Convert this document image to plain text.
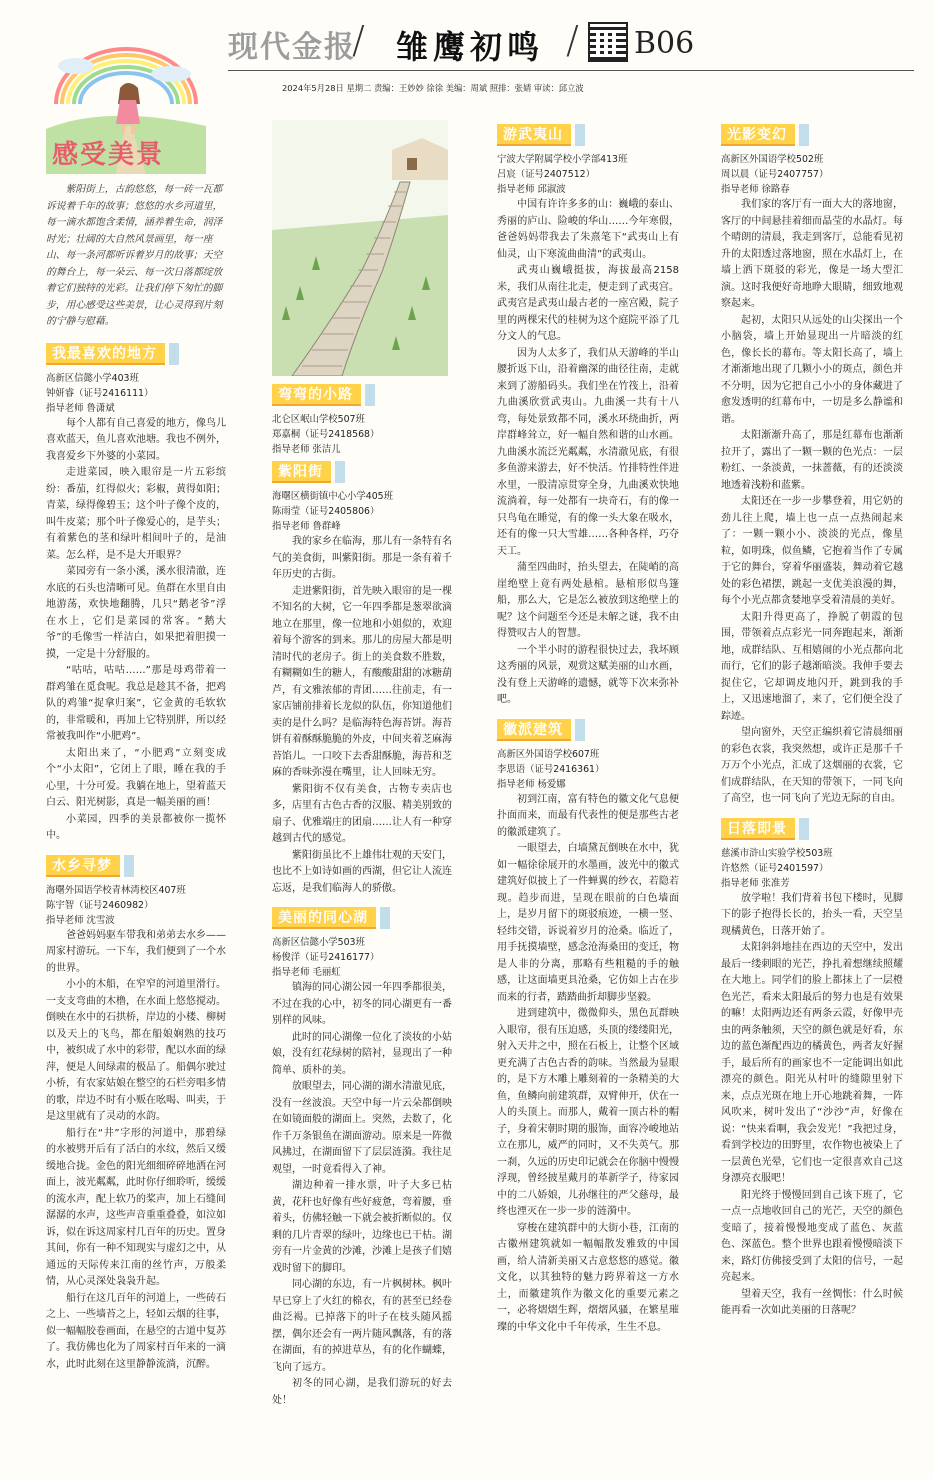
现代金报
/ 雏鹰初鸣 / B06
2024年5月28日 星期二 责编：王妙妙 徐徐 美编：周斌 照排：张婧 审读：邱立波
感受美景

紫阳街上，古韵悠悠，每一砖一瓦都诉说着千年的故事；悠悠的水乡河道里，每一滴水都饱含柔情，涵养着生命，润泽时光；壮阔的大自然风景画里，每一座山、每一条河都听诉着岁月的故事；天空的舞台上，每一朵云、每一次日落都绽放着它们独特的光彩。让我们停下匆忙的脚步，用心感受这些美景，让心灵得到片刻的宁静与慰藉。

我最喜欢的地方
高新区信懿小学403班
钟妍睿（证号2416111）
指导老师 鲁潇斌

每个人都有自己喜爱的地方，像鸟儿喜欢蓝天，鱼儿喜欢池塘。我也不例外，我喜爱乡下外婆的小菜园。

走进菜园，映入眼帘是一片五彩缤纷：番茄，红得似火；彩椒，黄得如阳；青菜，绿得像碧玉；这个叶子像个皮的，叫牛皮菜；那个叶子像爱心的，是芋头；有着紫色的茎和绿叶相间叶子的，是油菜。怎么样，是不是大开眼界？

菜园旁有一条小溪，溪水很清澈，连水底的石头也清晰可见。鱼群在水里自由地游荡，欢快地翻腾，几只“鹅老爷”浮在水上，它们是菜园的常客。“鹅大爷”的毛像雪一样洁白，如果把着胆摸一摸，一定是十分舒服的。

“咕咕，咕咕……”那是母鸡带着一群鸡雏在觅食呢。我总是趁其不备，把鸡队的鸡雏“捉拿归案”，它金黄的毛软软的，非常暖和，再加上它特别胖，所以经常被我叫作“小肥鸡”。

太阳出来了，“小肥鸡”立刻变成个“小太阳”，它闭上了眼，睡在我的手心里，十分可爱。我躺在地上，望着蓝天白云、阳光树影，真是一幅美丽的画！

小菜园，四季的美景都被你一揽怀中。

水乡寻梦
海曙外国语学校青林湾校区407班
陈宇智（证号2460982）
指导老师 沈雪波

爸爸妈妈驱车带我和弟弟去水乡——周家村游玩。一下车，我们便到了一个水的世界。

小小的木船，在窄窄的河道里滑行。一支支弯曲的木橹，在水面上悠悠搅动。倒映在水中的石拱桥，岸边的小楼、柳树以及天上的飞鸟，都在船娘娴熟的技巧中，被织成了水中的彩带，配以水面的绿萍，便是人间绿肃的极品了。船偶尔驶过小桥，有农家姑娘在整空的石栏旁唱多情的歌，岸边不时有小贩在吆喝、叫卖，于是这里就有了灵动的水韵。

船行在“井”字形的河道中，那碧绿的水被劈开后有了活白的水纹，然后又缓缓地合拢。金色的阳光细细碎碎地洒在河面上，波光粼粼，此时你仔细聆听，缓缓的流水声，配上软乃的桨声，加上石缝间潺潺的水声，这些声音重重叠叠，如泣如诉，似在诉这周家村几百年的历史。置身其间，你有一种不知现实与虚幻之中，从通远的天际传来江南的丝竹声，万般柔情，从心灵深处袅袅升起。

船行在这几百年的河道上，一些砖石之上、一些墙苔之上，轻如云烟的往事，似一幅幅胶卷画面，在悬空的古道中复苏了。我仿佛也化为了周家村百年来的一滴水，此时此刻在这里静静流淌，沉醉。

弯弯的小路
北仑区岷山学校507班
郑嘉桐（证号2418568）
指导老师 张洁儿
紫阳街
海曙区横街镇中心小学405班
陈雨莹（证号2405806）
指导老师 鲁群峰

我的家乡在临海，那儿有一条特有名气的美食街，叫紫阳街。那是一条有着千年历史的古街。

走进紫阳街，首先映入眼帘的是一棵不知名的大树，它一年四季都是葱翠欲滴地立在那里，像一位地和小姐似的，欢迎着每个游客的到来。那儿的房屋大都是明清时代的老房子。街上的美食数不胜数，有糊糊如生的糖人，有酸酸甜甜的冰糖葫芦，有文雅浓郁的青团……往前走，有一家店铺前排着长龙似的队伍，你知道他们卖的是什么吗？是临海特色海苔饼。海苔饼有着酥酥脆脆的外皮，中间夹着芝麻海苔馅儿。一口咬下去香甜酥脆，海苔和芝麻的香味弥漫在嘴里，让人回味无穷。

紫阳街不仅有美食，古物专卖店也多，店里有古色古香的汉服、精美别致的扇子、优雅端庄的团扇……让人有一种穿越到古代的感觉。

紫阳街虽比不上雄伟壮观的天安门，也比不上如诗如画的西湖，但它让人流连忘返，是我们临海人的骄傲。

美丽的同心湖
高新区信懿小学503班
杨俊洋（证号2416177）
指导老师 毛丽虹

镇海的同心湖公园一年四季都很美，不过在我的心中，初冬的同心湖更有一番别样的风味。

此时的同心湖像一位化了淡妆的小姑娘，没有红花绿树的陪衬，显现出了一种简单、质朴的美。

放眼望去，同心湖的湖水清澈见底，没有一丝波浪。天空中每一片云朵都倒映在如镜面般的湖面上。突然，去数了，化作千万条银鱼在湖面游动。原来是一阵微风拂过，在湖面留下了层层涟漪。我往足观望，一时竟看得入了神。

湖边种着一排水票，叶子大多已枯黄，花秆也好像有些好疲惫，弯着腰，垂着头，仿佛轻触一下就会被折断似的。仅剩的几片青翠的绿叶，边缘也已干枯。湖旁有一片金黄的沙滩，沙滩上是孩子们嬉戏时留下的脚印。

同心湖的东边，有一片枫树林。枫叶早已穿上了火红的棉衣，有的甚至已经卷曲泛褐。已掉落下的叶子在枝头随风摇摆，偶尔还会有一两片随风飘落，有的落在湖面，有的掉进草丛，有的化作蝴蝶，飞向了远方。

初冬的同心湖，是我们游玩的好去处！

游武夷山
宁波大学附属学校小学部413班
吕宸（证号2407512）
指导老师 邱淑波

中国有许许多多的山：巍峨的泰山、秀丽的庐山、险峻的华山……今年寒假，爸爸妈妈带我去了朱熹笔下“武夷山上有仙灵，山下寒流曲曲清”的武夷山。

武夷山巍峨挺拔，海拔最高2158米，我们从南往北走，便走到了武夷宫。武夷宫是武夷山最古老的一座宫殿，院子里的两棵宋代的桂树为这个庭院平添了几分文人的气息。

因为人太多了，我们从天游峰的半山腰折返下山，沿着幽深的曲径往南，走就来到了游船码头。我们坐在竹筏上，沿着九曲溪欣赏武夷山。九曲溪一共有十八弯，每处景致都不同，溪水环绕曲折，两岸群峰耸立，好一幅自然和谐的山水画。九曲溪水流泛光粼粼，水清澈见底，有很多鱼游来游去，好不快活。竹排特性伴进水里，一股清凉贯穿全身，九曲溪欢快地流淌着，每一处都有一块奇石，有的像一只鸟龟在睡觉，有的像一头大象在吸水，还有的像一只大雪雄……各种各样，巧夺天工。

蒲至四曲时，抬头望去，在陡峭的高崖绝壁上竟有两处悬棺。悬棺形似鸟篷船，那么大，它是怎么被放到这绝壁上的呢？这个问题至今还是未解之谜，我不由得赞叹古人的智慧。

一个半小时的游程很快过去，我坏顾这秀丽的风景，观赏这赋美丽的山水画，没有登上天游峰的遗憾，就等下次来弥补吧。

徽派建筑
高新区外国语学校607班
李思语（证号2416361）
指导老师 杨爱娜

初到江南，富有特色的徽文化气息便扑面而来，而最有代表性的便是那些古老的徽派建筑了。

一眼望去，白墙黛瓦倒映在水中，犹如一幅徐徐展开的水墨画，波光中的徽式建筑好似披上了一件蝉翼的纱衣，若隐若现。趋步而进，呈现在眼前的白色墙面上，是岁月留下的斑驳痕迹，一横一竖、轻纬交错，诉说着岁月的沧桑。临近了，用手抚摸墙壁，感念沧海桑田的变迁，物是人非的分离，那略有些粗糙的手的触感，让这面墙更具沧桑，它仿如上古在步而来的行者，踏踏曲折却脚步坚毅。

进到建筑中，微微仰头，黑色瓦群映入眼帘，很有压迫感，头顶的缕缕阳光，射入天井之中，照在石板上，让整个区域更充满了古色古香的韵味。当然最为显眼的，是下方木雕上雕刻着的一条精美的大鱼，鱼鳞向前建筑群，双臂伸开，伏在一人的头顶上。而那人，戴着一顶古朴的帽子，身着宋朝时期的服饰，面容冷峻地站立在那儿，威严的同时，又不失英气。那一刹，久远的历史印记就会在你脑中慢慢浮现，曾经披星戴月的革新学子，待家园中的二八娇娘，儿孙继往的严父慈母，最终也湮灭在一步一步的涟漪中。

穿梭在建筑群中的大街小巷，江南的古徽州建筑就如一幅幅散发雅致的中国画，给人清新美丽又古意悠悠的感觉。徽文化，以其独特的魅力跨界着这一方水土，而徽建筑作为徽文化的重要元素之一，必将熠熠生辉，熠熠风骚，在繁星璀璨的中华文化中千年传承，生生不息。

光影变幻
高新区外国语学校502班
周以晨（证号2407757）
指导老师 徐路春

我们家的客厅有一面大大的落地窗，客厅的中间悬挂着细而晶莹的水晶灯。每个晴朗的清晨，我走到客厅，总能看见初升的太阳透过落地窗，照在水晶灯上，在墙上洒下斑驳的彩光，像是一场大型汇演。这时我便好奇地睁大眼睛，细致地观察起来。

起初，太阳只从远处的山尖探出一个小脑袋，墙上开始显现出一片暗淡的红色，像长长的幕布。等太阳长高了，墙上才渐渐地出现了几颗小小的斑点，颜色并不分明，因为它把自己小小的身体藏进了愈发透明的红幕布中，一切是多么静谧和谐。

太阳渐渐升高了，那是红幕布也渐渐拉开了，露出了一颗一颗的色光点：一层粉红、一条淡黄，一抹蔷薇，有的还淡淡地透着浅粉和蓝紫。

太阳还在一步一步攀登着，用它奶的劲儿往上爬，墙上也一点一点热闹起来了：一颗一颗小小、淡淡的光点，像星粒，如明珠，似鱼鳞，它抱着当作了专属于它的舞台，穿着华丽盛装，舞动着它越处的彩色裙摆，跳起一支优美浪漫的舞，每个小光点都贪婪地享受着清晨的美好。

太阳升得更高了，挣脱了朝霞的包围，带领着点点彩光一同奔跑起来，渐渐地，成群结队、互相嬉闹的小光点都向北而行，它们的影子越渐暗淡。我伸手要去捉住它，它却调皮地闪开，跳到我的手上，又迅速地溜了，来了，它们便全没了踪迹。

望向窗外，天空正编织着它清晨细丽的彩色衣裳，我突然想，或许正是那千千万万个小光点，汇成了这烟丽的衣裳，它们成群结队，在天知的带领下，一同飞向了高空，也一同飞向了光边无际的自由。

日落即景
慈溪市浒山实验学校503班
许悠然（证号2401597）
指导老师 张准芳

放学啦！我们背着书包下楼时，见脚下的影子抱得长长的，抬头一看，天空呈现橘黄色，日落开始了。

太阳斜斜地挂在西边的天空中，发出最后一缕刺眼的光芒，挣扎着想继续照耀在大地上。同学们的脸上都抹上了一层橙色光芒，看来太阳最后的努力也是有效果的嘛！太阳两边还有两条云霞，好像甲壳虫的两条触须，天空的颜色就是好看，东边的蓝色渐配西边的橘黄色，两者友好握手，最后所有的画家也不一定能调出如此漂亮的颜色。阳光从村叶的缝隙里射下来，点点光斑在地上开心地跳着舞，一阵风吹来，树叶发出了“沙沙”声，好像在说：“快来看啊，我会发光！”我把过身，看到学校边的田野里，农作物也被染上了一层黄色光晕，它们也一定很喜欢自己这身漂亮衣服吧！

阳光终于慢慢回到自己该下班了，它一点一点地收回自己的光芒，天空的颜色变暗了，接着慢慢地变成了蓝色、灰蓝色、深蓝色。整个世界也跟着慢慢暗淡下来，路灯仿佛接受到了太阳的信号，一起亮起来。

望着天空，我有一丝惆怅：什么时候能再看一次如此美丽的日落呢？
